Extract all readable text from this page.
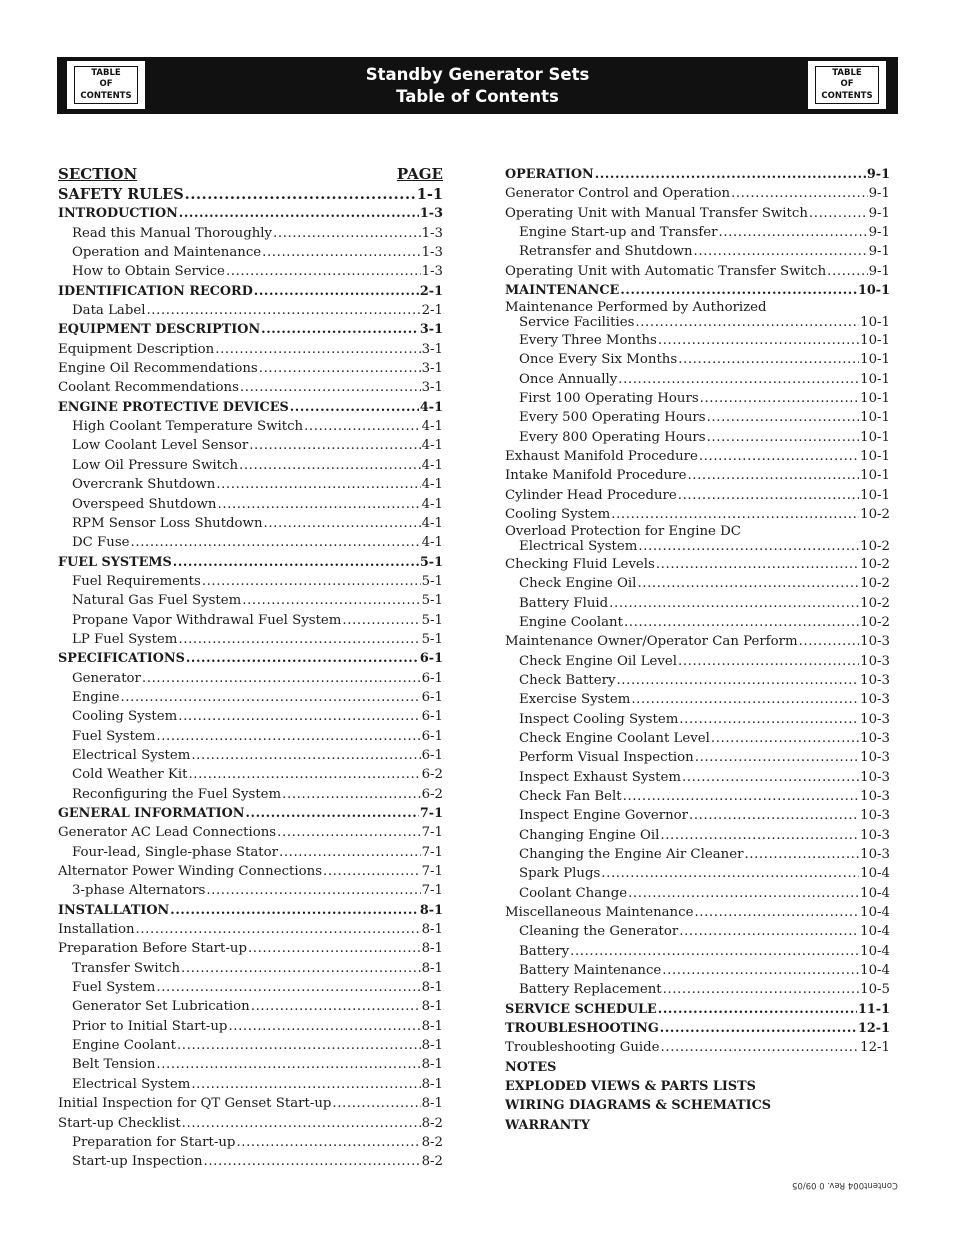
TABLE
OF
CONTENTS
Standby Generator Sets
Table of Contents
TABLE
OF
CONTENTS
SECTION	PAGE
SAFETY RULES .....	1-1
INTRODUCTION .....	1-3
Read this Manual Thoroughly .....	1-3
Operation and Maintenance .....	1-3
How to Obtain Service .....	1-3
IDENTIFICATION RECORD .....	2-1
Data Label .....	2-1
EQUIPMENT DESCRIPTION .....	3-1
Equipment Description .....	3-1
Engine Oil Recommendations .....	3-1
Coolant Recommendations .....	3-1
ENGINE PROTECTIVE DEVICES .....	4-1
High Coolant Temperature Switch .....	4-1
Low Coolant Level Sensor .....	4-1
Low Oil Pressure Switch .....	4-1
Overcrank Shutdown .....	4-1
Overspeed Shutdown .....	4-1
RPM Sensor Loss Shutdown .....	4-1
DC Fuse .....	4-1
FUEL SYSTEMS .....	5-1
Fuel Requirements .....	5-1
Natural Gas Fuel System .....	5-1
Propane Vapor Withdrawal Fuel System .....	5-1
LP Fuel System .....	5-1
SPECIFICATIONS .....	6-1
Generator .....	6-1
Engine .....	6-1
Cooling System .....	6-1
Fuel System .....	6-1
Electrical System .....	6-1
Cold Weather Kit .....	6-2
Reconfiguring the Fuel System .....	6-2
GENERAL INFORMATION .....	7-1
Generator AC Lead Connections .....	7-1
Four-lead, Single-phase Stator .....	7-1
Alternator Power Winding Connections .....	7-1
3-phase Alternators .....	7-1
INSTALLATION .....	8-1
Installation .....	8-1
Preparation Before Start-up .....	8-1
Transfer Switch .....	8-1
Fuel System .....	8-1
Generator Set Lubrication .....	8-1
Prior to Initial Start-up .....	8-1
Engine Coolant .....	8-1
Belt Tension .....	8-1
Electrical System .....	8-1
Initial Inspection for QT Genset Start-up .....	8-1
Start-up Checklist .....	8-2
Preparation for Start-up .....	8-2
Start-up Inspection .....	8-2
OPERATION .....	9-1
Generator Control and Operation .....	9-1
Operating Unit with Manual Transfer Switch .....	9-1
Engine Start-up and Transfer .....	9-1
Retransfer and Shutdown .....	9-1
Operating Unit with Automatic Transfer Switch .....	9-1
MAINTENANCE .....	10-1
Maintenance Performed by Authorized
Service Facilities .....	10-1
Every Three Months .....	10-1
Once Every Six Months .....	10-1
Once Annually .....	10-1
First 100 Operating Hours .....	10-1
Every 500 Operating Hours .....	10-1
Every 800 Operating Hours .....	10-1
Exhaust Manifold Procedure .....	10-1
Intake Manifold Procedure .....	10-1
Cylinder Head Procedure .....	10-1
Cooling System .....	10-2
Overload Protection for Engine DC
Electrical System .....	10-2
Checking Fluid Levels .....	10-2
Check Engine Oil .....	10-2
Battery Fluid .....	10-2
Engine Coolant .....	10-2
Maintenance Owner/Operator Can Perform .....	10-3
Check Engine Oil Level .....	10-3
Check Battery .....	10-3
Exercise System .....	10-3
Inspect Cooling System .....	10-3
Check Engine Coolant Level .....	10-3
Perform Visual Inspection .....	10-3
Inspect Exhaust System .....	10-3
Check Fan Belt .....	10-3
Inspect Engine Governor .....	10-3
Changing Engine Oil .....	10-3
Changing the Engine Air Cleaner .....	10-3
Spark Plugs .....	10-4
Coolant Change .....	10-4
Miscellaneous Maintenance .....	10-4
Cleaning the Generator .....	10-4
Battery .....	10-4
Battery Maintenance .....	10-4
Battery Replacement .....	10-5
SERVICE SCHEDULE .....	11-1
TROUBLESHOOTING .....	12-1
Troubleshooting Guide .....	12-1
NOTES
EXPLODED VIEWS & PARTS LISTS
WIRING DIAGRAMS & SCHEMATICS
WARRANTY
Content004 Rev. 0 09/05
